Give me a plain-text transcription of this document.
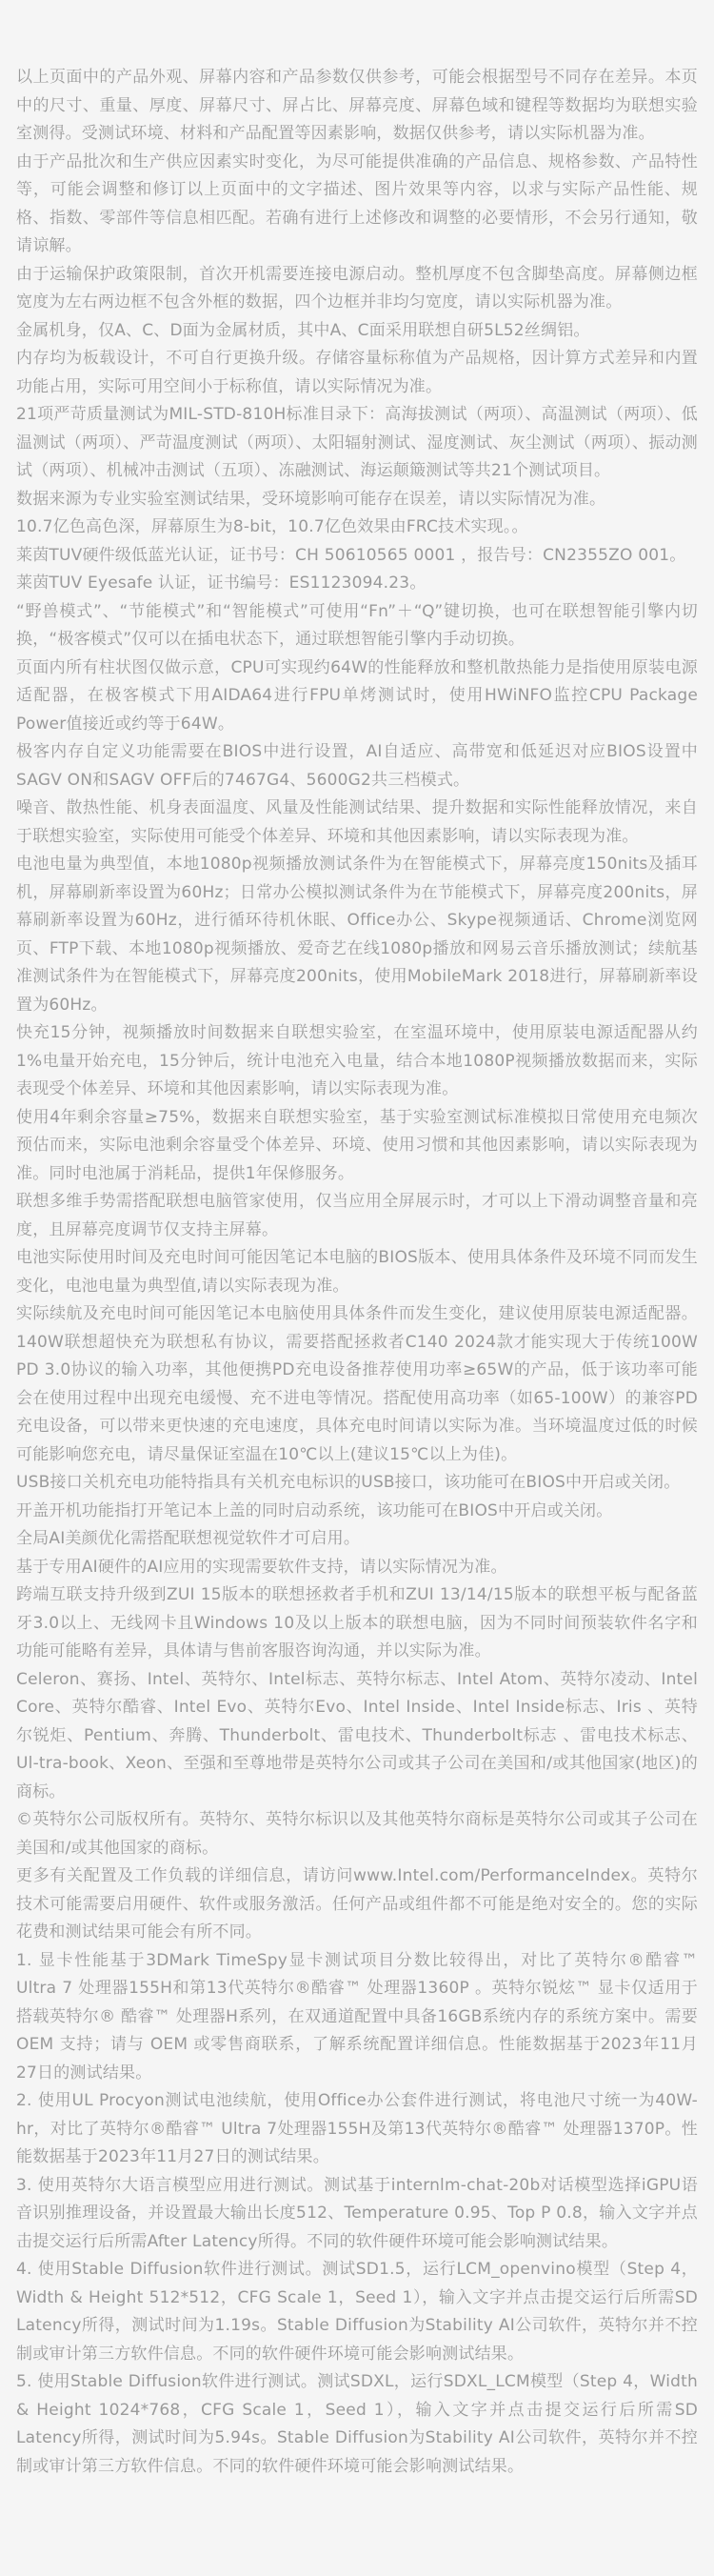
以上页面中的产品外观、屏幕内容和产品参数仅供参考，可能会根据型号不同存在差异。本页中的尺寸、重量、厚度、屏幕尺寸、屏占比、屏幕亮度、屏幕色域和键程等数据均为联想实验室测得。受测试环境、材料和产品配置等因素影响，数据仅供参考，请以实际机器为准。

由于产品批次和生产供应因素实时变化，为尽可能提供准确的产品信息、规格参数、产品特性等，可能会调整和修订以上页面中的文字描述、图片效果等内容，以求与实际产品性能、规格、指数、零部件等信息相匹配。若确有进行上述修改和调整的必要情形，不会另行通知，敬请谅解。

由于运输保护政策限制，首次开机需要连接电源启动。整机厚度不包含脚垫高度。屏幕侧边框宽度为左右两边框不包含外框的数据，四个边框并非均匀宽度，请以实际机器为准。

金属机身，仅A、C、D面为金属材质，其中A、C面采用联想自研5L52丝绸铝。

内存均为板载设计，不可自行更换升级。存储容量标称值为产品规格，因计算方式差异和内置功能占用，实际可用空间小于标称值，请以实际情况为准。

21项严苛质量测试为MIL-STD-810H标准目录下：高海拔测试（两项）、高温测试（两项）、低温测试（两项）、严苛温度测试（两项）、太阳辐射测试、湿度测试、灰尘测试（两项）、振动测试（两项）、机械冲击测试（五项）、冻融测试、海运颠簸测试等共21个测试项目。

数据来源为专业实验室测试结果，受环境影响可能存在误差，请以实际情况为准。

10.7亿色高色深，屏幕原生为8-bit，10.7亿色效果由FRC技术实现。。

莱茵TUV硬件级低蓝光认证，证书号：CH 50610565 0001 ，报告号：CN2355ZO 001。

莱茵TUV Eyesafe 认证，证书编号：ES1123094.23。

“野兽模式”、“节能模式”和“智能模式”可使用“Fn”＋“Q”键切换，也可在联想智能引擎内切换，“极客模式”仅可以在插电状态下，通过联想智能引擎内手动切换。

页面内所有柱状图仅做示意，CPU可实现约64W的性能释放和整机散热能力是指使用原装电源适配器，在极客模式下用AIDA64进行FPU单烤测试时，使用HWiNFO监控CPU Package Power值接近或约等于64W。

极客内存自定义功能需要在BIOS中进行设置，AI自适应、高带宽和低延迟对应BIOS设置中SAGV ON和SAGV OFF后的7467G4、5600G2共三档模式。

噪音、散热性能、机身表面温度、风量及性能测试结果、提升数据和实际性能释放情况，来自于联想实验室，实际使用可能受个体差异、环境和其他因素影响，请以实际表现为准。

电池电量为典型值，本地1080p视频播放测试条件为在智能模式下，屏幕亮度150nits及插耳机，屏幕刷新率设置为60Hz；日常办公模拟测试条件为在节能模式下，屏幕亮度200nits，屏幕刷新率设置为60Hz，进行循环待机休眠、Office办公、Skype视频通话、Chrome浏览网页、FTP下载、本地1080p视频播放、爱奇艺在线1080p播放和网易云音乐播放测试；续航基准测试条件为在智能模式下，屏幕亮度200nits，使用MobileMark 2018进行，屏幕刷新率设置为60Hz。

快充15分钟，视频播放时间数据来自联想实验室，在室温环境中，使用原装电源适配器从约1%电量开始充电，15分钟后，统计电池充入电量，结合本地1080P视频播放数据而来，实际表现受个体差异、环境和其他因素影响，请以实际表现为准。

使用4年剩余容量≥75%，数据来自联想实验室，基于实验室测试标准模拟日常使用充电频次预估而来，实际电池剩余容量受个体差异、环境、使用习惯和其他因素影响，请以实际表现为准。同时电池属于消耗品，提供1年保修服务。

联想多维手势需搭配联想电脑管家使用，仅当应用全屏展示时，才可以上下滑动调整音量和亮度，且屏幕亮度调节仅支持主屏幕。

电池实际使用时间及充电时间可能因笔记本电脑的BIOS版本、使用具体条件及环境不同而发生变化，电池电量为典型值,请以实际表现为准。

实际续航及充电时间可能因笔记本电脑使用具体条件而发生变化，建议使用原装电源适配器。140W联想超快充为联想私有协议，需要搭配拯救者C140 2024款才能实现大于传统100W PD 3.0协议的输入功率，其他便携PD充电设备推荐使用功率≥65W的产品，低于该功率可能会在使用过程中出现充电缓慢、充不进电等情况。搭配使用高功率（如65-100W）的兼容PD充电设备，可以带来更快速的充电速度，具体充电时间请以实际为准。当环境温度过低的时候可能影响您充电，请尽量保证室温在10℃以上(建议15℃以上为佳)。

USB接口关机充电功能特指具有关机充电标识的USB接口，该功能可在BIOS中开启或关闭。

开盖开机功能指打开笔记本上盖的同时启动系统，该功能可在BIOS中开启或关闭。

全局AI美颜优化需搭配联想视觉软件才可启用。

基于专用AI硬件的AI应用的实现需要软件支持，请以实际情况为准。

跨端互联支持升级到ZUI 15版本的联想拯救者手机和ZUI 13/14/15版本的联想平板与配备蓝牙3.0以上、无线网卡且Windows 10及以上版本的联想电脑，因为不同时间预装软件名字和功能可能略有差异，具体请与售前客服咨询沟通，并以实际为准。

Celeron、赛扬、Intel、英特尔、Intel标志、英特尔标志、Intel Atom、英特尔凌动、Intel Core、英特尔酷睿、Intel Evo、英特尔Evo、Intel Inside、Intel Inside标志、Iris 、英特尔锐炬、Pentium、奔腾、Thunderbolt、雷电技术、Thunderbolt标志 、雷电技术标志、Ul-tra-book、Xeon、至强和至尊地带是英特尔公司或其子公司在美国和/或其他国家(地区)的商标。

©英特尔公司版权所有。英特尔、英特尔标识以及其他英特尔商标是英特尔公司或其子公司在美国和/或其他国家的商标。

更多有关配置及工作负载的详细信息，请访问www.Intel.com/PerformanceIndex。英特尔技术可能需要启用硬件、软件或服务激活。任何产品或组件都不可能是绝对安全的。您的实际花费和测试结果可能会有所不同。

1. 显卡性能基于3DMark TimeSpy显卡测试项目分数比较得出，对比了英特尔®酷睿™ Ultra 7 处理器155H和第13代英特尔®酷睿™ 处理器1360P 。英特尔锐炫™ 显卡仅适用于搭载英特尔® 酷睿™ 处理器H系列，在双通道配置中具备16GB系统内存的系统方案中。需要 OEM 支持；请与 OEM 或零售商联系，了解系统配置详细信息。性能数据基于2023年11月27日的测试结果。

2. 使用UL Procyon测试电池续航，使用Office办公套件进行测试，将电池尺寸统一为40W-hr，对比了英特尔®酷睿™ Ultra 7处理器155H及第13代英特尔®酷睿™ 处理器1370P。性能数据基于2023年11月27日的测试结果。

3. 使用英特尔大语言模型应用进行测试。测试基于internlm-chat-20b对话模型选择iGPU语音识别推理设备，并设置最大输出长度512、Temperature 0.95、Top P 0.8，输入文字并点击提交运行后所需After Latency所得。不同的软件硬件环境可能会影响测试结果。

4. 使用Stable Diffusion软件进行测试。测试SD1.5，运行LCM_openvino模型（Step 4，Width & Height 512*512，CFG Scale 1，Seed 1），输入文字并点击提交运行后所需SD Latency所得，测试时间为1.19s。Stable Diffusion为Stability AI公司软件，英特尔并不控制或审计第三方软件信息。不同的软件硬件环境可能会影响测试结果。

5. 使用Stable Diffusion软件进行测试。测试SDXL，运行SDXL_LCM模型（Step 4，Width & Height 1024*768，CFG Scale 1，Seed 1），输入文字并点击提交运行后所需SD Latency所得，测试时间为5.94s。Stable Diffusion为Stability AI公司软件，英特尔并不控制或审计第三方软件信息。不同的软件硬件环境可能会影响测试结果。
